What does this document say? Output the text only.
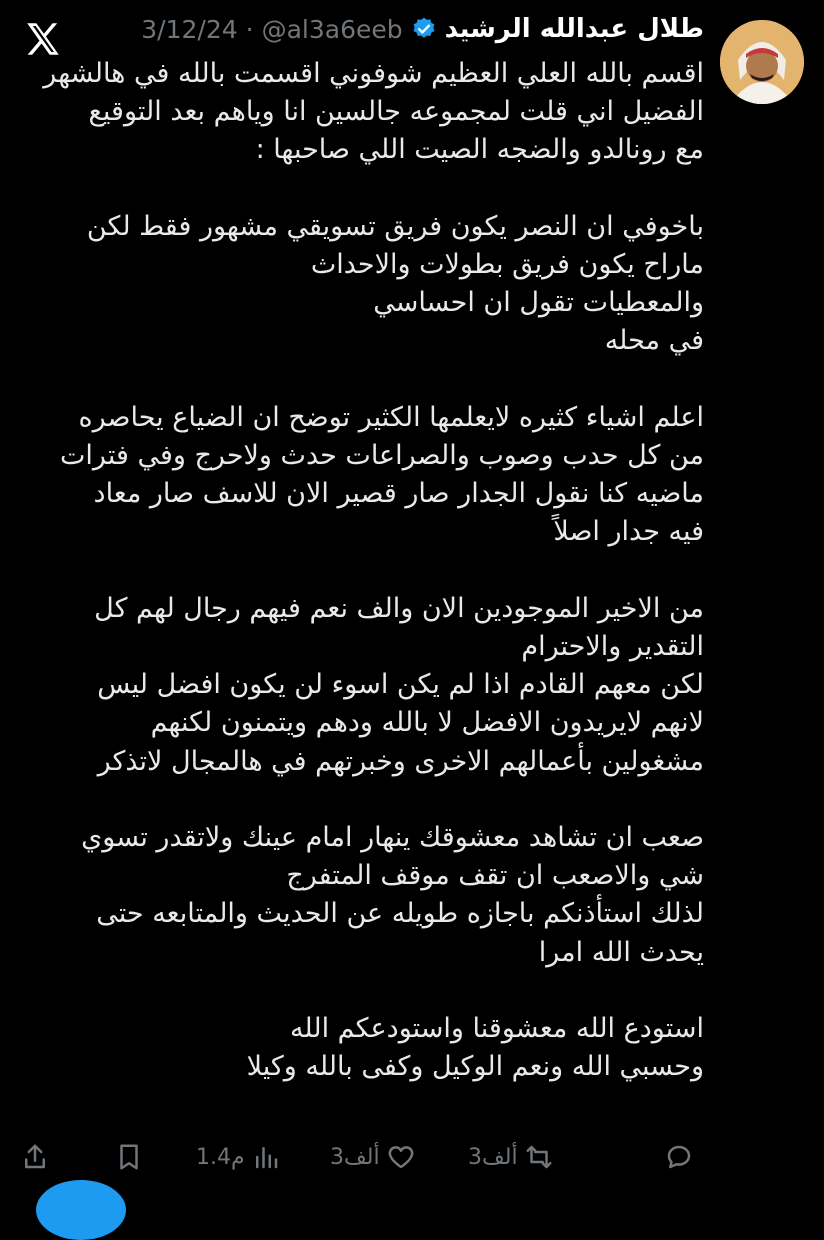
طلال عبدالله الرشيد
@al3a6eeb
·
3/12/24
اقسم بالله العلي العظيم شوفوني اقسمت بالله في هالشهر
الفضيل اني قلت لمجموعه جالسين انا وياهم بعد التوقيع
مع رونالدو والضجه الصيت اللي صاحبها :

باخوفي ان النصر يكون فريق تسويقي مشهور فقط لكن
ماراح يكون فريق بطولات والاحداث
والمعطيات تقول ان احساسي
في محله

اعلم اشياء كثيره لايعلمها الكثير توضح ان الضياع يحاصره
من كل حدب وصوب والصراعات حدث ولاحرج وفي فترات
ماضيه كنا نقول الجدار صار قصير الان للاسف صار معاد
فيه جدار اصلاً

من الاخير الموجودين الان والف نعم فيهم رجال لهم كل
التقدير والاحترام
لكن معهم القادم اذا لم يكن اسوء لن يكون افضل ليس
لانهم لايريدون الافضل لا بالله ودهم ويتمنون لكنهم
مشغولين بأعمالهم الاخرى وخبرتهم في هالمجال لاتذكر

صعب ان تشاهد معشوقك ينهار امام عينك ولاتقدر تسوي
شي والاصعب ان تقف موقف المتفرج
لذلك استأذنكم باجازه طويله عن الحديث والمتابعه حتى
يحدث الله امرا

استودع الله معشوقنا واستودعكم الله
وحسبي الله ونعم الوكيل وكفى بالله وكيلا
1.4م	3ألف	3ألف
